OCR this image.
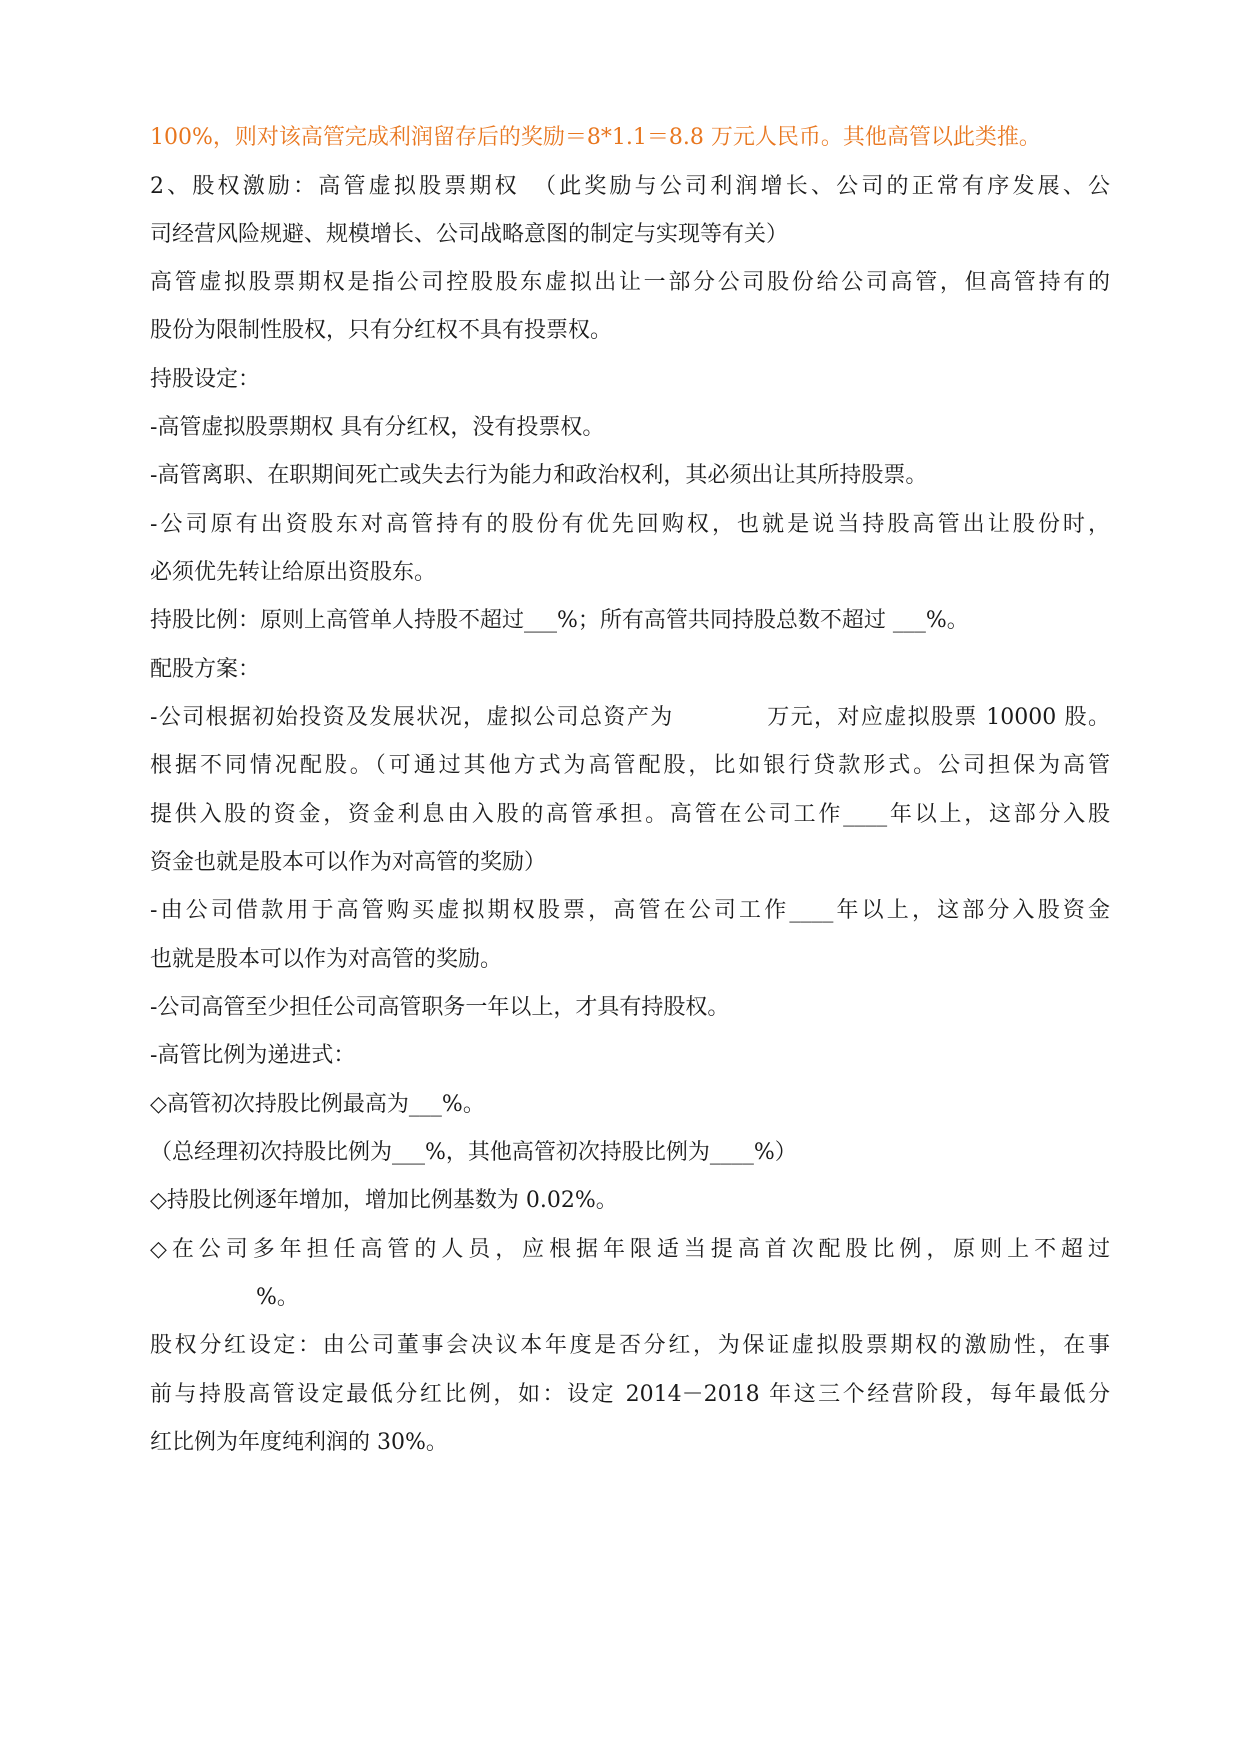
100%，则对该高管完成利润留存后的奖励＝8*1.1＝8.8 万元人民币。其他高管以此类推。
2、股权激励：高管虚拟股票期权　（此奖励与公司利润增长、公司的正常有序发展、公
司经营风险规避、规模增长、公司战略意图的制定与实现等有关）
高管虚拟股票期权是指公司控股股东虚拟出让一部分公司股份给公司高管，但高管持有的
股份为限制性股权，只有分红权不具有投票权。
持股设定：
-高管虚拟股票期权 具有分红权，没有投票权。
-高管离职、在职期间死亡或失去行为能力和政治权利，其必须出让其所持股票。
-公司原有出资股东对高管持有的股份有优先回购权，也就是说当持股高管出让股份时，
必须优先转让给原出资股东。
持股比例：原则上高管单人持股不超过___%；所有高管共同持股总数不超过 ___%。
配股方案：
-公司根据初始投资及发展状况，虚拟公司总资产为　　　　万元，对应虚拟股票 10000 股。
根据不同情况配股。（可通过其他方式为高管配股，比如银行贷款形式。公司担保为高管
提供入股的资金，资金利息由入股的高管承担。高管在公司工作____年以上，这部分入股
资金也就是股本可以作为对高管的奖励）
-由公司借款用于高管购买虚拟期权股票，高管在公司工作____年以上，这部分入股资金
也就是股本可以作为对高管的奖励。
-公司高管至少担任公司高管职务一年以上，才具有持股权。
-高管比例为递进式：
◇高管初次持股比例最高为___%。
（总经理初次持股比例为___%，其他高管初次持股比例为____%）
◇持股比例逐年增加，增加比例基数为 0.02%。
◇在公司多年担任高管的人员，应根据年限适当提高首次配股比例，原则上不超过
%。
股权分红设定：由公司董事会决议本年度是否分红，为保证虚拟股票期权的激励性，在事
前与持股高管设定最低分红比例，如：设定 2014－2018 年这三个经营阶段，每年最低分
红比例为年度纯利润的 30%。
